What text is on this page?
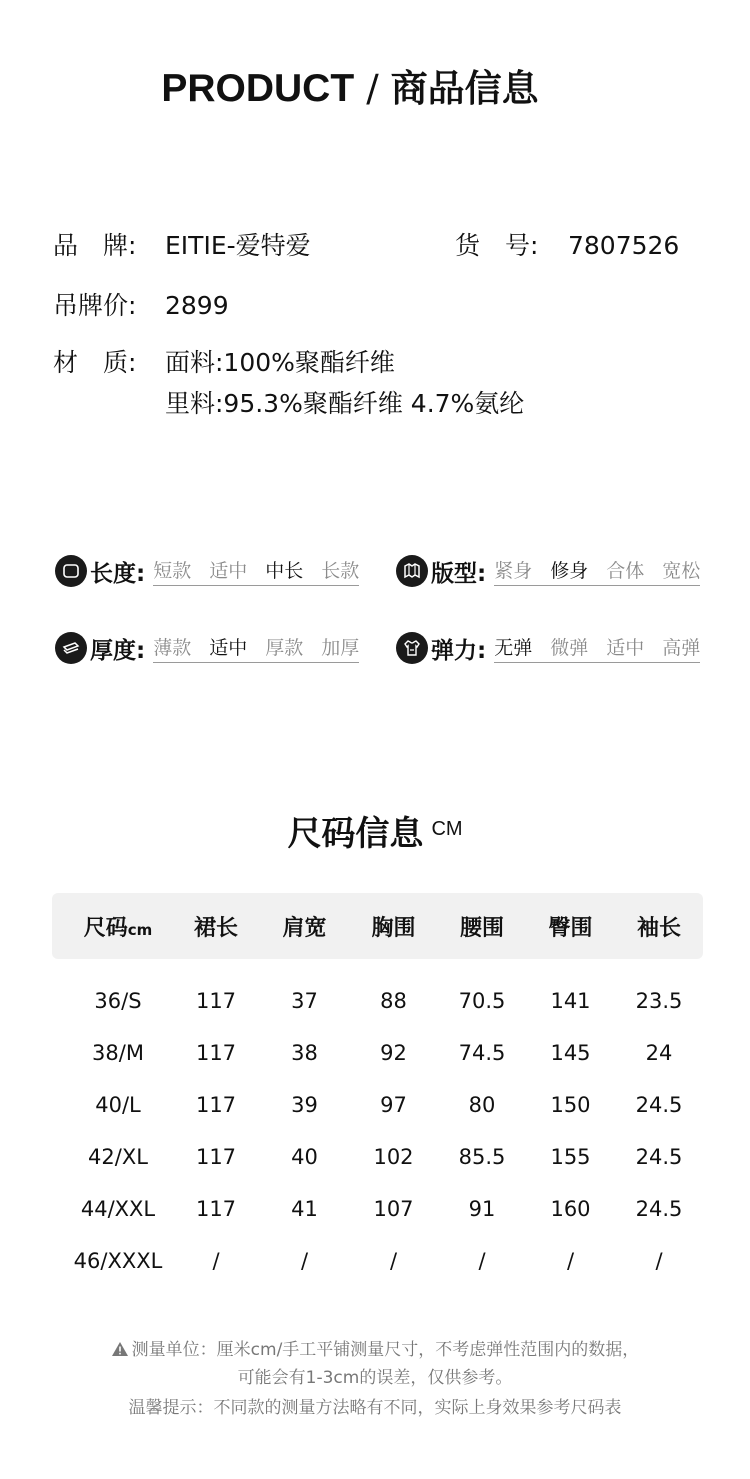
PRODUCT / 商品信息
品　牌: EITIE-爱特爱	货　号: 7807526
吊牌价: 2899
材　质: 面料:100%聚酯纤维
里料:95.3%聚酯纤维 4.7%氨纶
长度: 短款 适中 中长 长款	版型: 紧身 修身 合体 宽松
厚度: 薄款 适中 厚款 加厚	弹力: 无弹 微弹 适中 高弹
尺码信息 $^{CM}$
尺码cm	裙长	肩宽	胸围	腰围	臀围	袖长
36/S	117	37	88	70.5	141	23.5
38/M	117	38	92	74.5	145	24
40/L	117	39	97	80	150	24.5
42/XL	117	40	102	85.5	155	24.5
44/XXL	117	41	107	91	160	24.5
46/XXXL	/	/	/	/	/	/
测量单位：厘米cm/手工平铺测量尺寸，不考虑弹性范围内的数据，
可能会有1-3cm的误差，仅供参考。
温馨提示：不同款的测量方法略有不同，实际上身效果参考尺码表
